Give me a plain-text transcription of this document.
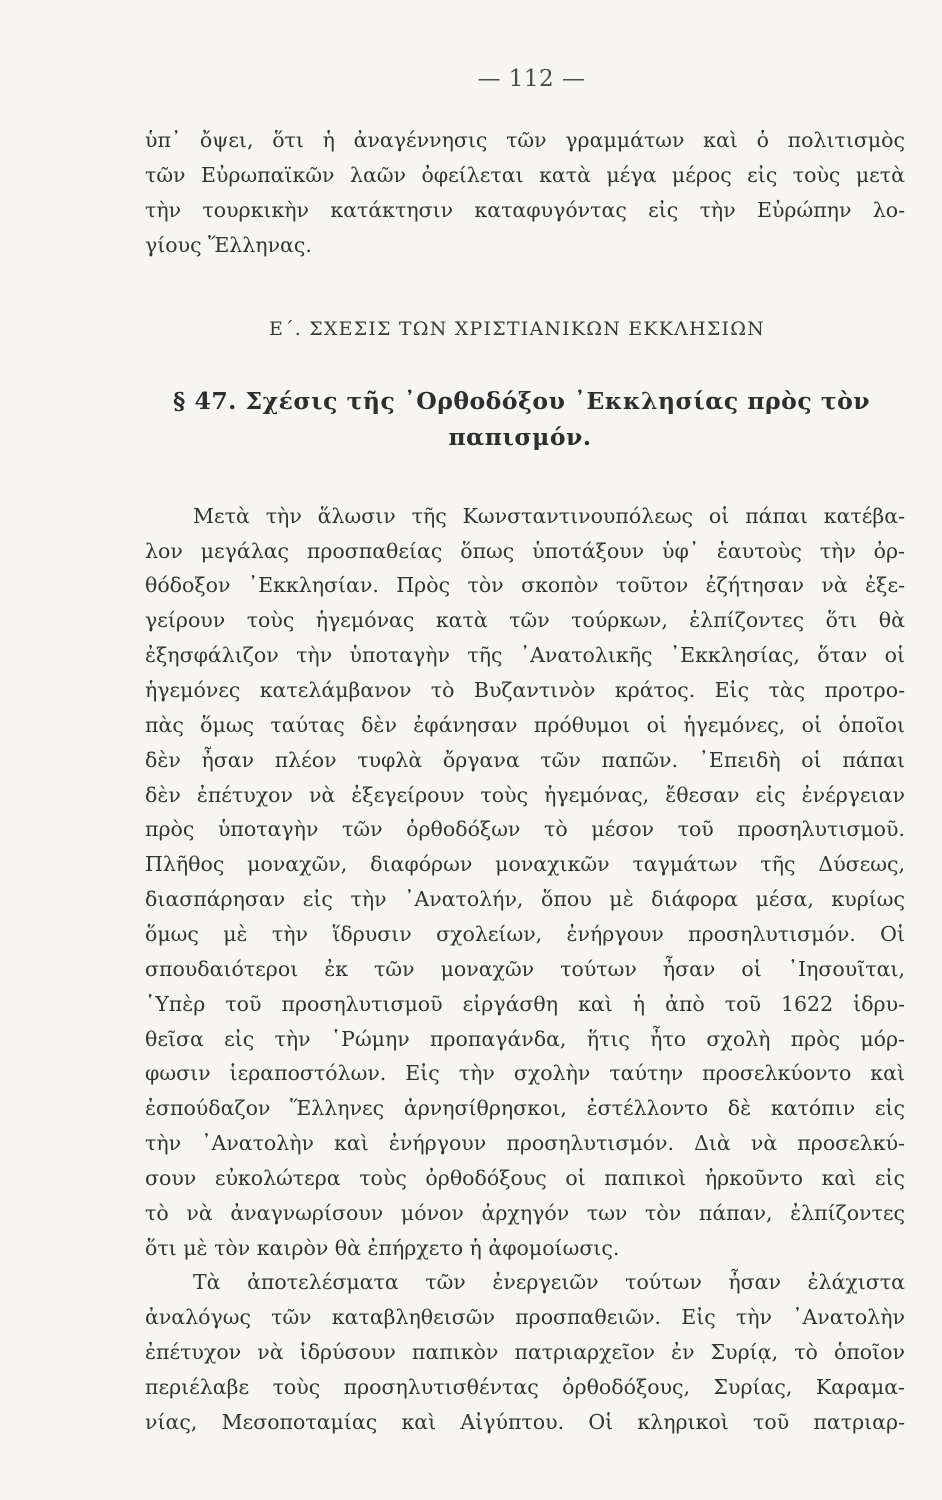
— 112 —
ὑπ᾿ ὄψει, ὅτι ἡ ἀναγέννησις τῶν γραμμάτων καὶ ὁ πολιτισμὸς
τῶν Εὐρωπαϊκῶν λαῶν ὀφείλεται κατὰ μέγα μέρος εἰς τοὺς μετὰ
τὴν τουρκικὴν κατάκτησιν καταφυγόντας εἰς τὴν Εὐρώπην λο-
γίους Ἕλληνας.
Ε΄. ΣΧΕΣΙΣ ΤΩΝ ΧΡΙΣΤΙΑΝΙΚΩΝ ΕΚΚΛΗΣΙΩΝ
§ 47. Σχέσις τῆς ᾿Ορθοδόξου ᾿Εκκλησίας πρὸς τὸν
παπισμόν.
Μετὰ τὴν ἅλωσιν τῆς Κωνσταντινουπόλεως οἱ πάπαι κατέβα-
λον μεγάλας προσπαθείας ὅπως ὑποτάξουν ὑφ᾿ ἑαυτοὺς τὴν ὀρ-
θόδοξον ᾿Εκκλησίαν. Πρὸς τὸν σκοπὸν τοῦτον ἐζήτησαν νὰ ἐξε-
γείρουν τοὺς ἡγεμόνας κατὰ τῶν τούρκων, ἐλπίζοντες ὅτι θὰ
ἐξησφάλιζον τὴν ὑποταγὴν τῆς ᾿Ανατολικῆς ᾿Εκκλησίας, ὅταν οἱ
ἡγεμόνες κατελάμβανον τὸ Βυζαντινὸν κράτος. Εἰς τὰς προτρο-
πὰς ὅμως ταύτας δὲν ἐφάνησαν πρόθυμοι οἱ ἡγεμόνες, οἱ ὁποῖοι
δὲν ἦσαν πλέον τυφλὰ ὄργανα τῶν παπῶν. ᾿Επειδὴ οἱ πάπαι
δὲν ἐπέτυχον νὰ ἐξεγείρουν τοὺς ἡγεμόνας, ἔθεσαν εἰς ἐνέργειαν
πρὸς ὑποταγὴν τῶν ὀρθοδόξων τὸ μέσον τοῦ προσηλυτισμοῦ.
Πλῆθος μοναχῶν, διαφόρων μοναχικῶν ταγμάτων τῆς Δύσεως,
διασπάρησαν εἰς τὴν ᾿Ανατολήν, ὅπου μὲ διάφορα μέσα, κυρίως
ὅμως μὲ τὴν ἵδρυσιν σχολείων, ἐνήργουν προσηλυτισμόν. Οἱ
σπουδαιότεροι ἐκ τῶν μοναχῶν τούτων ἦσαν οἱ ᾿Ιησουῖται,
῾Υπὲρ τοῦ προσηλυτισμοῦ εἰργάσθη καὶ ἡ ἀπὸ τοῦ 1622 ἱδρυ-
θεῖσα εἰς τὴν ῾Ρώμην προπαγάνδα, ἥτις ἦτο σχολὴ πρὸς μόρ-
φωσιν ἱεραποστόλων. Εἰς τὴν σχολὴν ταύτην προσελκύοντο καὶ
ἐσπούδαζον Ἕλληνες ἀρνησίθρησκοι, ἐστέλλοντο δὲ κατόπιν εἰς
τὴν ᾿Ανατολὴν καὶ ἐνήργουν προσηλυτισμόν. Διὰ νὰ προσελκύ-
σουν εὐκολώτερα τοὺς ὀρθοδόξους οἱ παπικοὶ ἠρκοῦντο καὶ εἰς
τὸ νὰ ἀναγνωρίσουν μόνον ἀρχηγόν των τὸν πάπαν, ἐλπίζοντες
ὅτι μὲ τὸν καιρὸν θὰ ἐπήρχετο ἡ ἀφομοίωσις.
Τὰ ἀποτελέσματα τῶν ἐνεργειῶν τούτων ἦσαν ἐλάχιστα
ἀναλόγως τῶν καταβληθεισῶν προσπαθειῶν. Εἰς τὴν ᾿Ανατολὴν
ἐπέτυχον νὰ ἱδρύσουν παπικὸν πατριαρχεῖον ἐν Συρίᾳ, τὸ ὁποῖον
περιέλαβε τοὺς προσηλυτισθέντας ὀρθοδόξους, Συρίας, Καραμα-
νίας, Μεσοποταμίας καὶ Αἰγύπτου. Οἱ κληρικοὶ τοῦ πατριαρ-
